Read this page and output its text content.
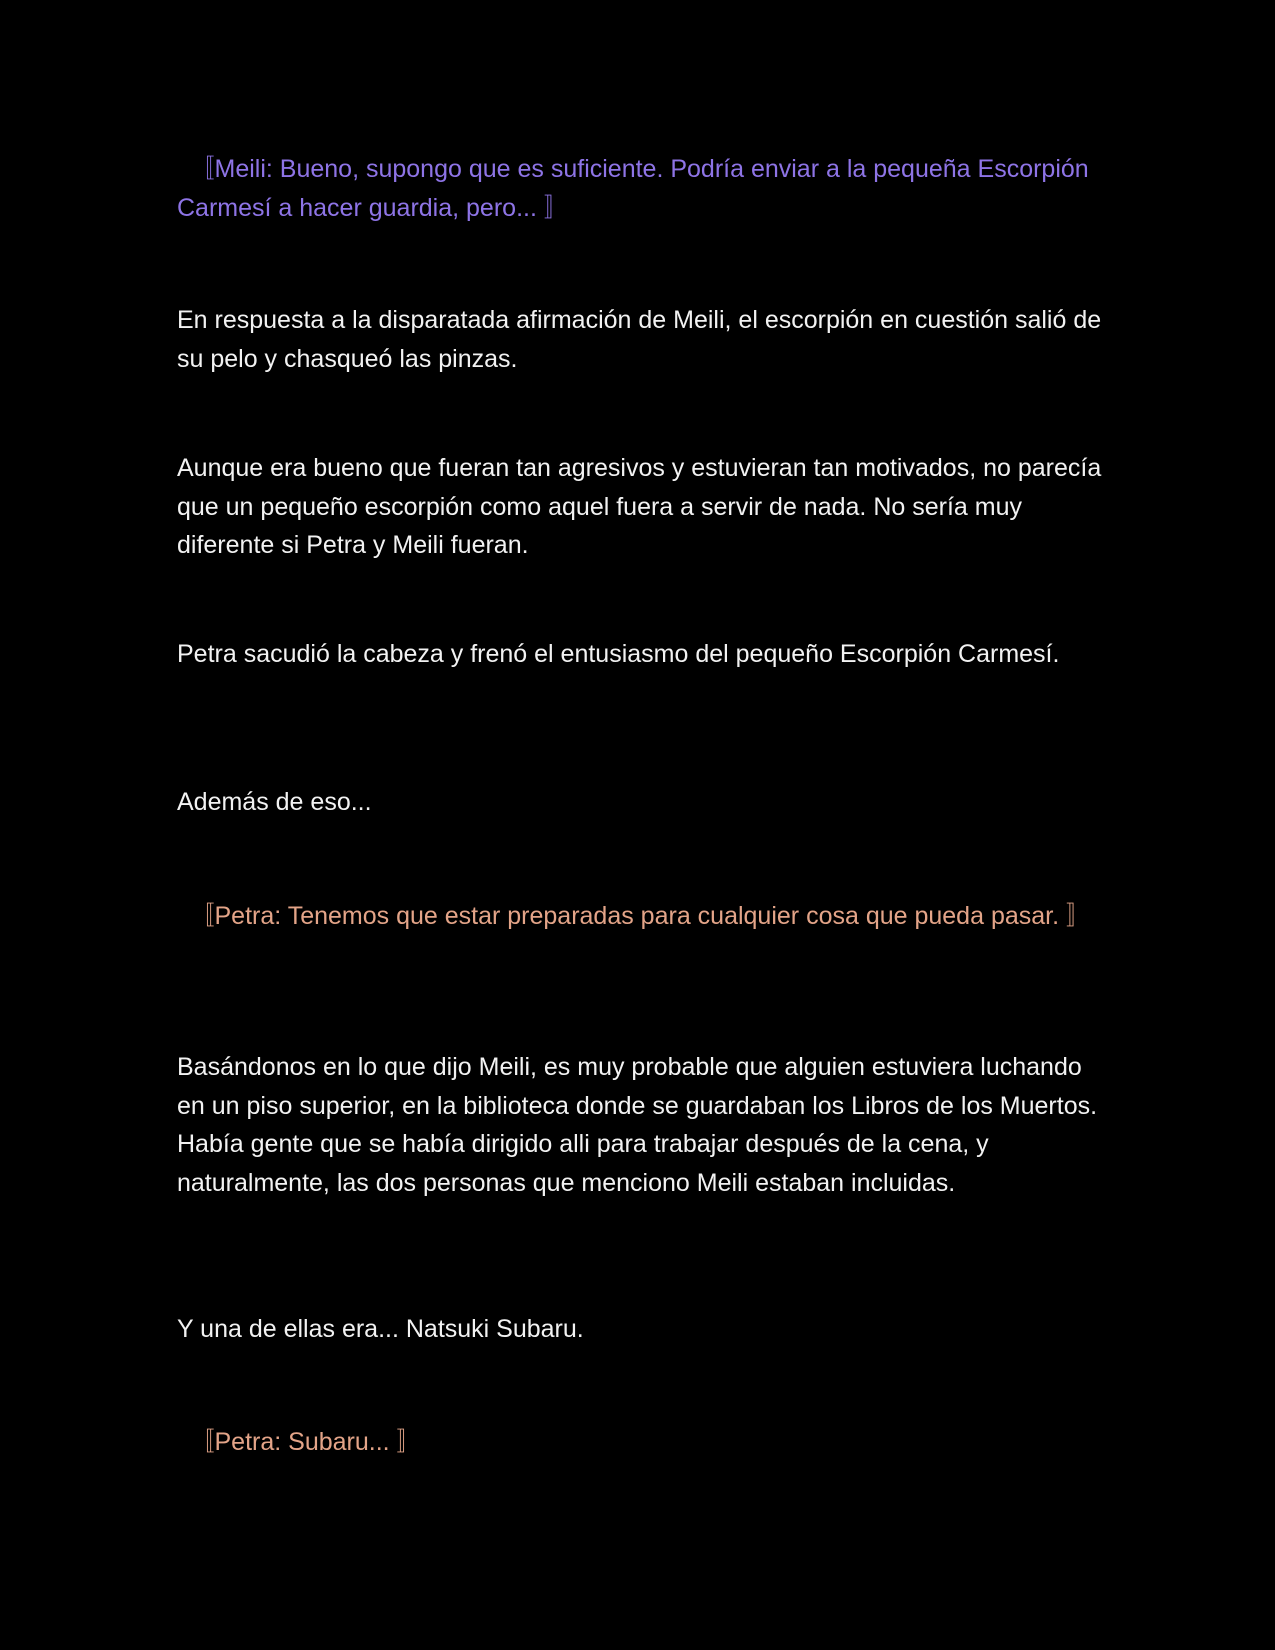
　〚Meili: Bueno, supongo que es suficiente. Podría enviar a la pequeña Escorpión Carmesí a hacer guardia, pero... 〛

En respuesta a la disparatada afirmación de Meili, el escorpión en cuestión salió de su pelo y chasqueó las pinzas.

Aunque era bueno que fueran tan agresivos y estuvieran tan motivados, no parecía que un pequeño escorpión como aquel fuera a servir de nada. No sería muy diferente si Petra y Meili fueran.

Petra sacudió la cabeza y frenó el entusiasmo del pequeño Escorpión Carmesí.

Además de eso...

　〚Petra: Tenemos que estar preparadas para cualquier cosa que pueda pasar. 〛

Basándonos en lo que dijo Meili, es muy probable que alguien estuviera luchando en un piso superior, en la biblioteca donde se guardaban los Libros de los Muertos. Había gente que se había dirigido alli para trabajar después de la cena, y naturalmente, las dos personas que menciono Meili estaban incluidas.

Y una de ellas era... Natsuki Subaru.

　〚Petra: Subaru... 〛
